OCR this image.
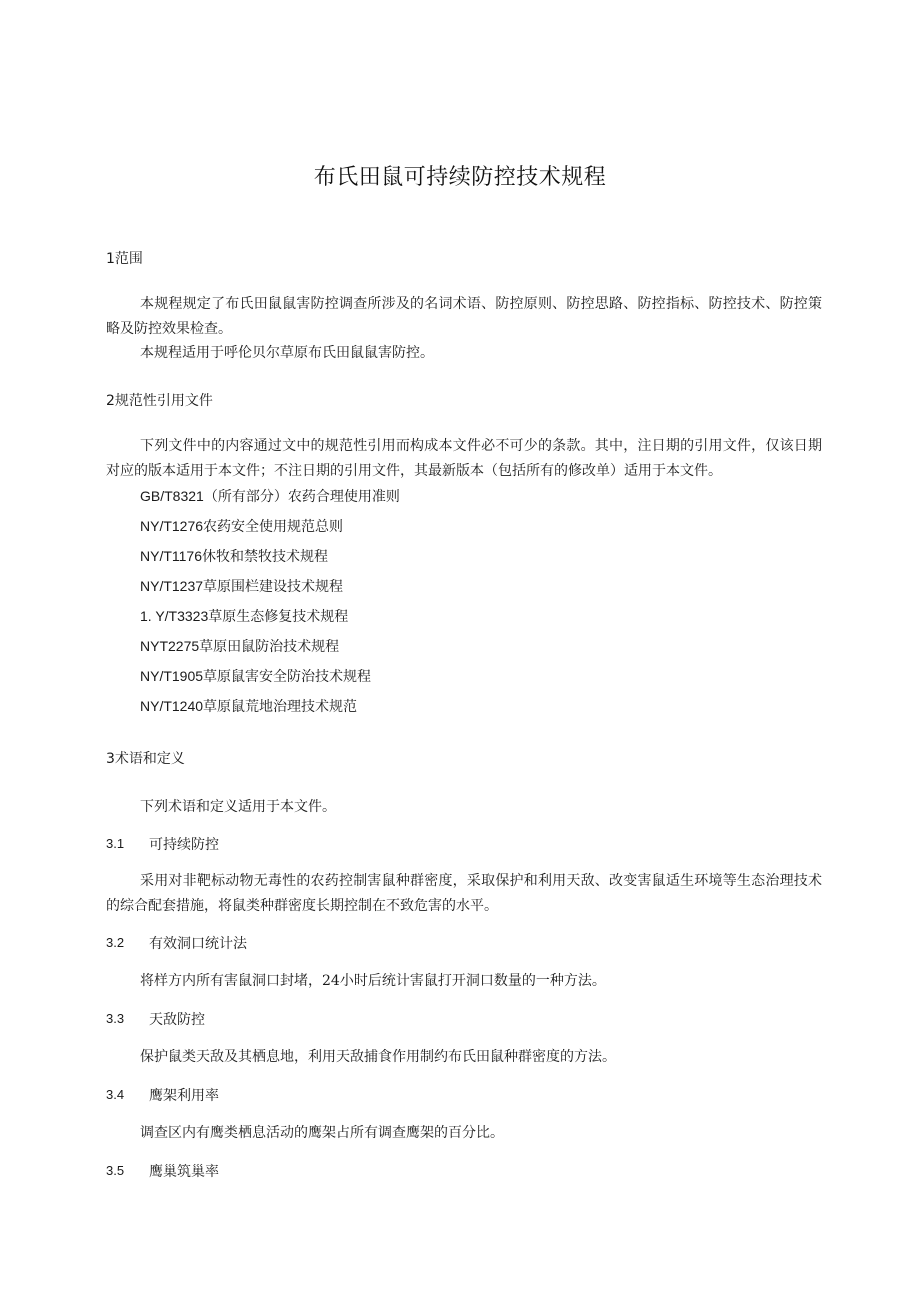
布氏田鼠可持续防控技术规程
1范围
本规程规定了布氏田鼠鼠害防控调查所涉及的名词术语、防控原则、防控思路、防控指标、防控技术、防控策略及防控效果检查。
本规程适用于呼伦贝尔草原布氏田鼠鼠害防控。
2规范性引用文件
下列文件中的内容通过文中的规范性引用而构成本文件必不可少的条款。其中，注日期的引用文件，仅该日期对应的版本适用于本文件；不注日期的引用文件，其最新版本（包括所有的修改单）适用于本文件。
GB/T8321（所有部分）农药合理使用准则
NY/T1276农药安全使用规范总则
NY/T1176休牧和禁牧技术规程
NY/T1237草原围栏建设技术规程
1. Y/T3323草原生态修复技术规程
NYT2275草原田鼠防治技术规程
NY/T1905草原鼠害安全防治技术规程
NY/T1240草原鼠荒地治理技术规范
3术语和定义
下列术语和定义适用于本文件。
3.1 可持续防控
采用对非靶标动物无毒性的农药控制害鼠种群密度，采取保护和利用天敌、改变害鼠适生环境等生态治理技术的综合配套措施，将鼠类种群密度长期控制在不致危害的水平。
3.2 有效洞口统计法
将样方内所有害鼠洞口封堵，24小时后统计害鼠打开洞口数量的一种方法。
3.3 天敌防控
保护鼠类天敌及其栖息地，利用天敌捕食作用制约布氏田鼠种群密度的方法。
3.4 鹰架利用率
调查区内有鹰类栖息活动的鹰架占所有调查鹰架的百分比。
3.5 鹰巢筑巢率
